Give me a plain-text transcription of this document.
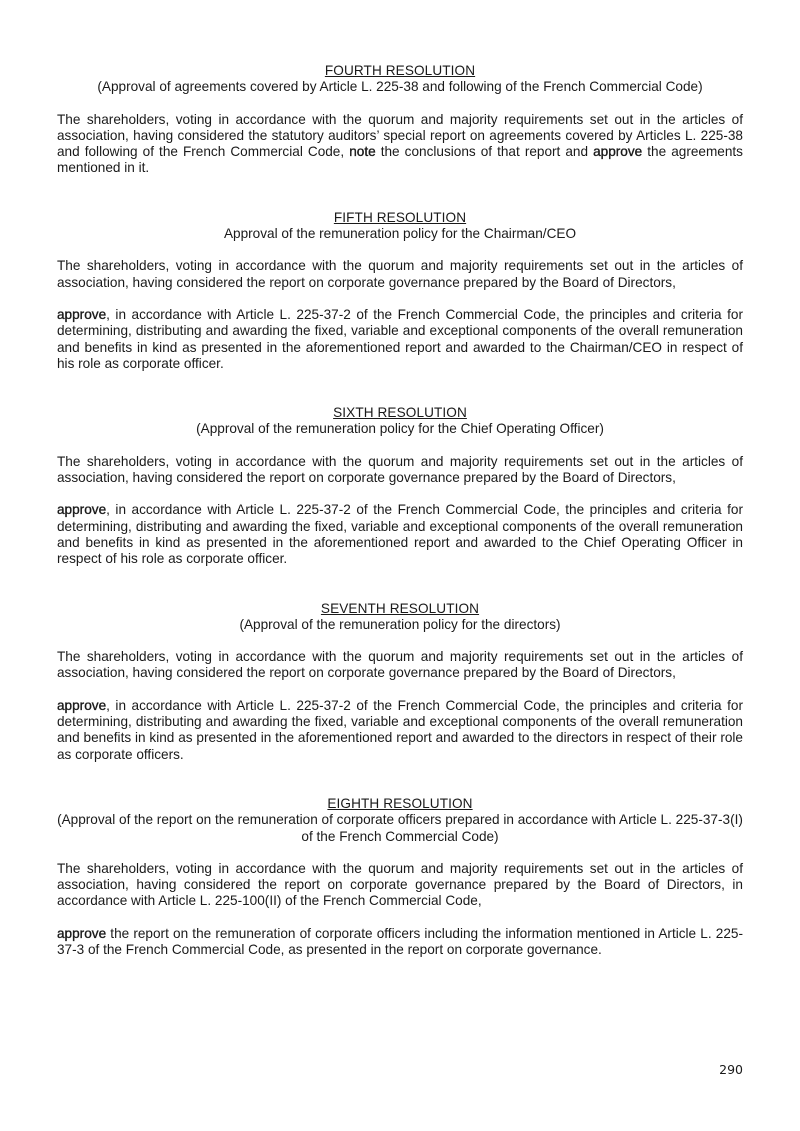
FOURTH RESOLUTION

(Approval of agreements covered by Article L. 225-38 and following of the French Commercial Code)

The shareholders, voting in accordance with the quorum and majority requirements set out in the articles of association, having considered the statutory auditors’ special report on agreements covered by Articles L. 225-38 and following of the French Commercial Code, note the conclusions of that report and approve the agreements mentioned in it.

FIFTH RESOLUTION

Approval of the remuneration policy for the Chairman/CEO

The shareholders, voting in accordance with the quorum and majority requirements set out in the articles of association, having considered the report on corporate governance prepared by the Board of Directors,

approve, in accordance with Article L. 225-37-2 of the French Commercial Code, the principles and criteria for determining, distributing and awarding the fixed, variable and exceptional components of the overall remuneration and benefits in kind as presented in the aforementioned report and awarded to the Chairman/CEO in respect of his role as corporate officer.

SIXTH RESOLUTION

(Approval of the remuneration policy for the Chief Operating Officer)

The shareholders, voting in accordance with the quorum and majority requirements set out in the articles of association, having considered the report on corporate governance prepared by the Board of Directors,

approve, in accordance with Article L. 225-37-2 of the French Commercial Code, the principles and criteria for determining, distributing and awarding the fixed, variable and exceptional components of the overall remuneration and benefits in kind as presented in the aforementioned report and awarded to the Chief Operating Officer in respect of his role as corporate officer.

SEVENTH RESOLUTION

(Approval of the remuneration policy for the directors)

The shareholders, voting in accordance with the quorum and majority requirements set out in the articles of association, having considered the report on corporate governance prepared by the Board of Directors,

approve, in accordance with Article L. 225-37-2 of the French Commercial Code, the principles and criteria for determining, distributing and awarding the fixed, variable and exceptional components of the overall remuneration and benefits in kind as presented in the aforementioned report and awarded to the directors in respect of their role as corporate officers.

EIGHTH RESOLUTION

(Approval of the report on the remuneration of corporate officers prepared in accordance with Article L. 225-37-3(I) of the French Commercial Code)

The shareholders, voting in accordance with the quorum and majority requirements set out in the articles of association, having considered the report on corporate governance prepared by the Board of Directors, in accordance with Article L. 225-100(II) of the French Commercial Code,

approve the report on the remuneration of corporate officers including the information mentioned in Article L. 225-37-3 of the French Commercial Code, as presented in the report on corporate governance.

290
